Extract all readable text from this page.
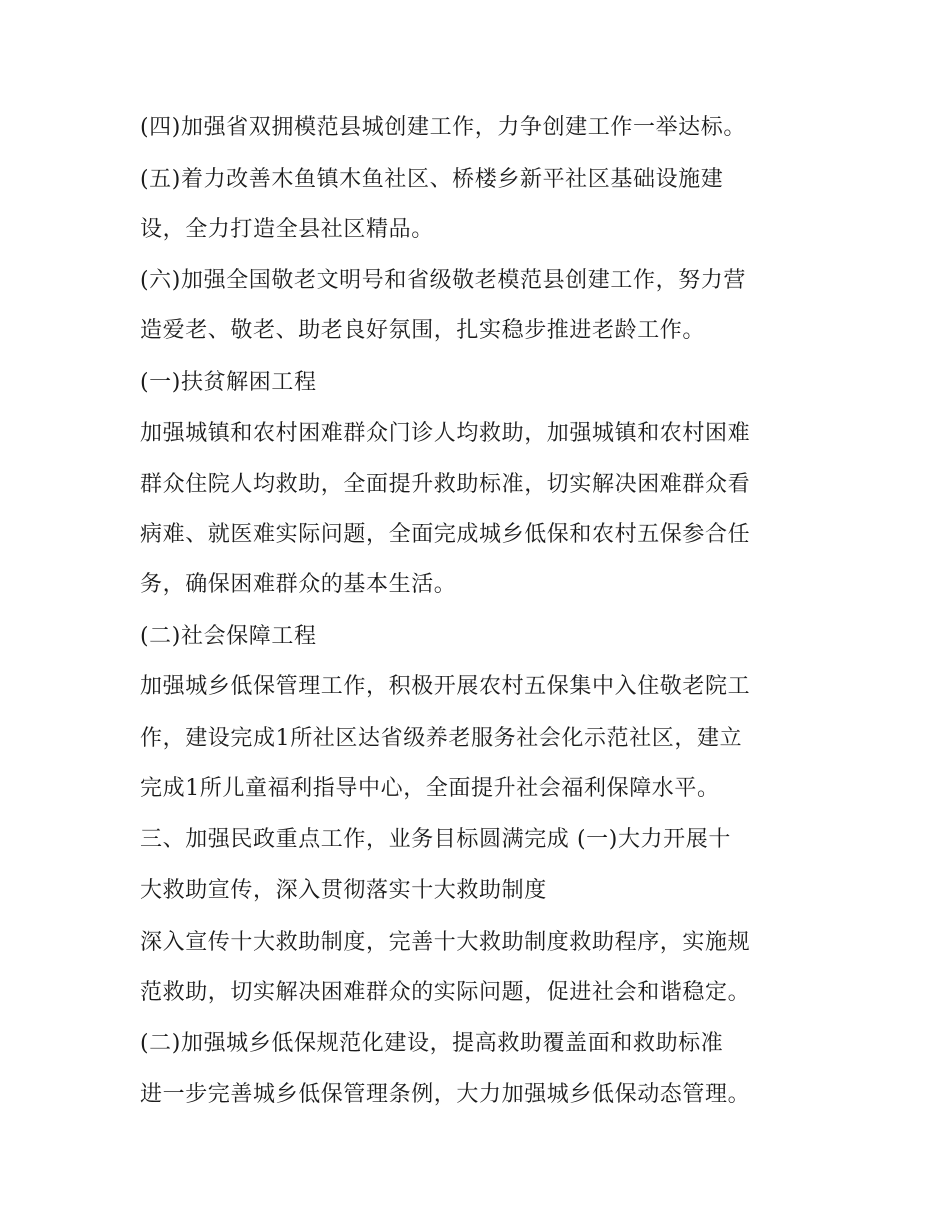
(四)加强省双拥模范县城创建工作，力争创建工作一举达标。
(五)着力改善木鱼镇木鱼社区、桥楼乡新平社区基础设施建
设，全力打造全县社区精品。
(六)加强全国敬老文明号和省级敬老模范县创建工作，努力营
造爱老、敬老、助老良好氛围，扎实稳步推进老龄工作。
(一)扶贫解困工程
加强城镇和农村困难群众门诊人均救助，加强城镇和农村困难
群众住院人均救助，全面提升救助标准，切实解决困难群众看
病难、就医难实际问题，全面完成城乡低保和农村五保参合任
务，确保困难群众的基本生活。
(二)社会保障工程
加强城乡低保管理工作，积极开展农村五保集中入住敬老院工
作，建设完成1所社区达省级养老服务社会化示范社区，建立
完成1所儿童福利指导中心，全面提升社会福利保障水平。
三、加强民政重点工作，业务目标圆满完成 (一)大力开展十
大救助宣传，深入贯彻落实十大救助制度
深入宣传十大救助制度，完善十大救助制度救助程序，实施规
范救助，切实解决困难群众的实际问题，促进社会和谐稳定。
(二)加强城乡低保规范化建设，提高救助覆盖面和救助标准
进一步完善城乡低保管理条例，大力加强城乡低保动态管理。
